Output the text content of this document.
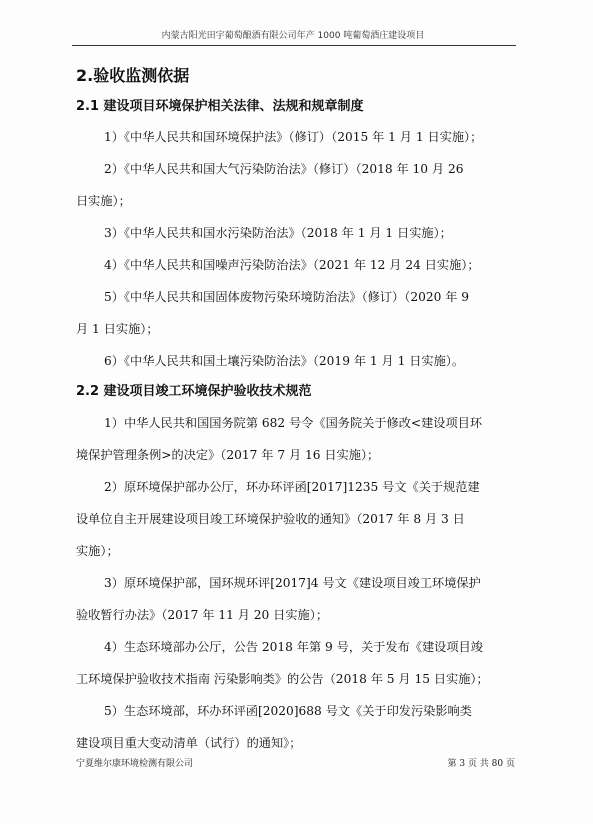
内蒙古阳光田宇葡萄酿酒有限公司年产 1000 吨葡萄酒庄建设项目
2.验收监测依据
2.1 建设项目环境保护相关法律、法规和规章制度
1）《中华人民共和国环境保护法》（修订）（2015 年 1 月 1 日实施）；
2）《中华人民共和国大气污染防治法》（修订）（2018 年 10 月 26
日实施）；
3）《中华人民共和国水污染防治法》（2018 年 1 月 1 日实施）；
4）《中华人民共和国噪声污染防治法》（2021 年 12 月 24 日实施）；
5）《中华人民共和国固体废物污染环境防治法》（修订）（2020 年 9
月 1 日实施）；
6）《中华人民共和国土壤污染防治法》（2019 年 1 月 1 日实施）。
2.2 建设项目竣工环境保护验收技术规范
1）中华人民共和国国务院第 682 号令《国务院关于修改<建设项目环
境保护管理条例>的决定》（2017 年 7 月 16 日实施）；
2）原环境保护部办公厅，环办环评函[2017]1235 号文《关于规范建
设单位自主开展建设项目竣工环境保护验收的通知》（2017 年 8 月 3 日
实施）；
3）原环境保护部，国环规环评[2017]4 号文《建设项目竣工环境保护
验收暂行办法》（2017 年 11 月 20 日实施）；
4）生态环境部办公厅，公告 2018 年第 9 号，关于发布《建设项目竣
工环境保护验收技术指南 污染影响类》的公告（2018 年 5 月 15 日实施）；
5）生态环境部，环办环评函[2020]688 号文《关于印发污染影响类
建设项目重大变动清单（试行）的通知》；
宁夏维尔康环境检测有限公司	第 3 页 共 80 页
